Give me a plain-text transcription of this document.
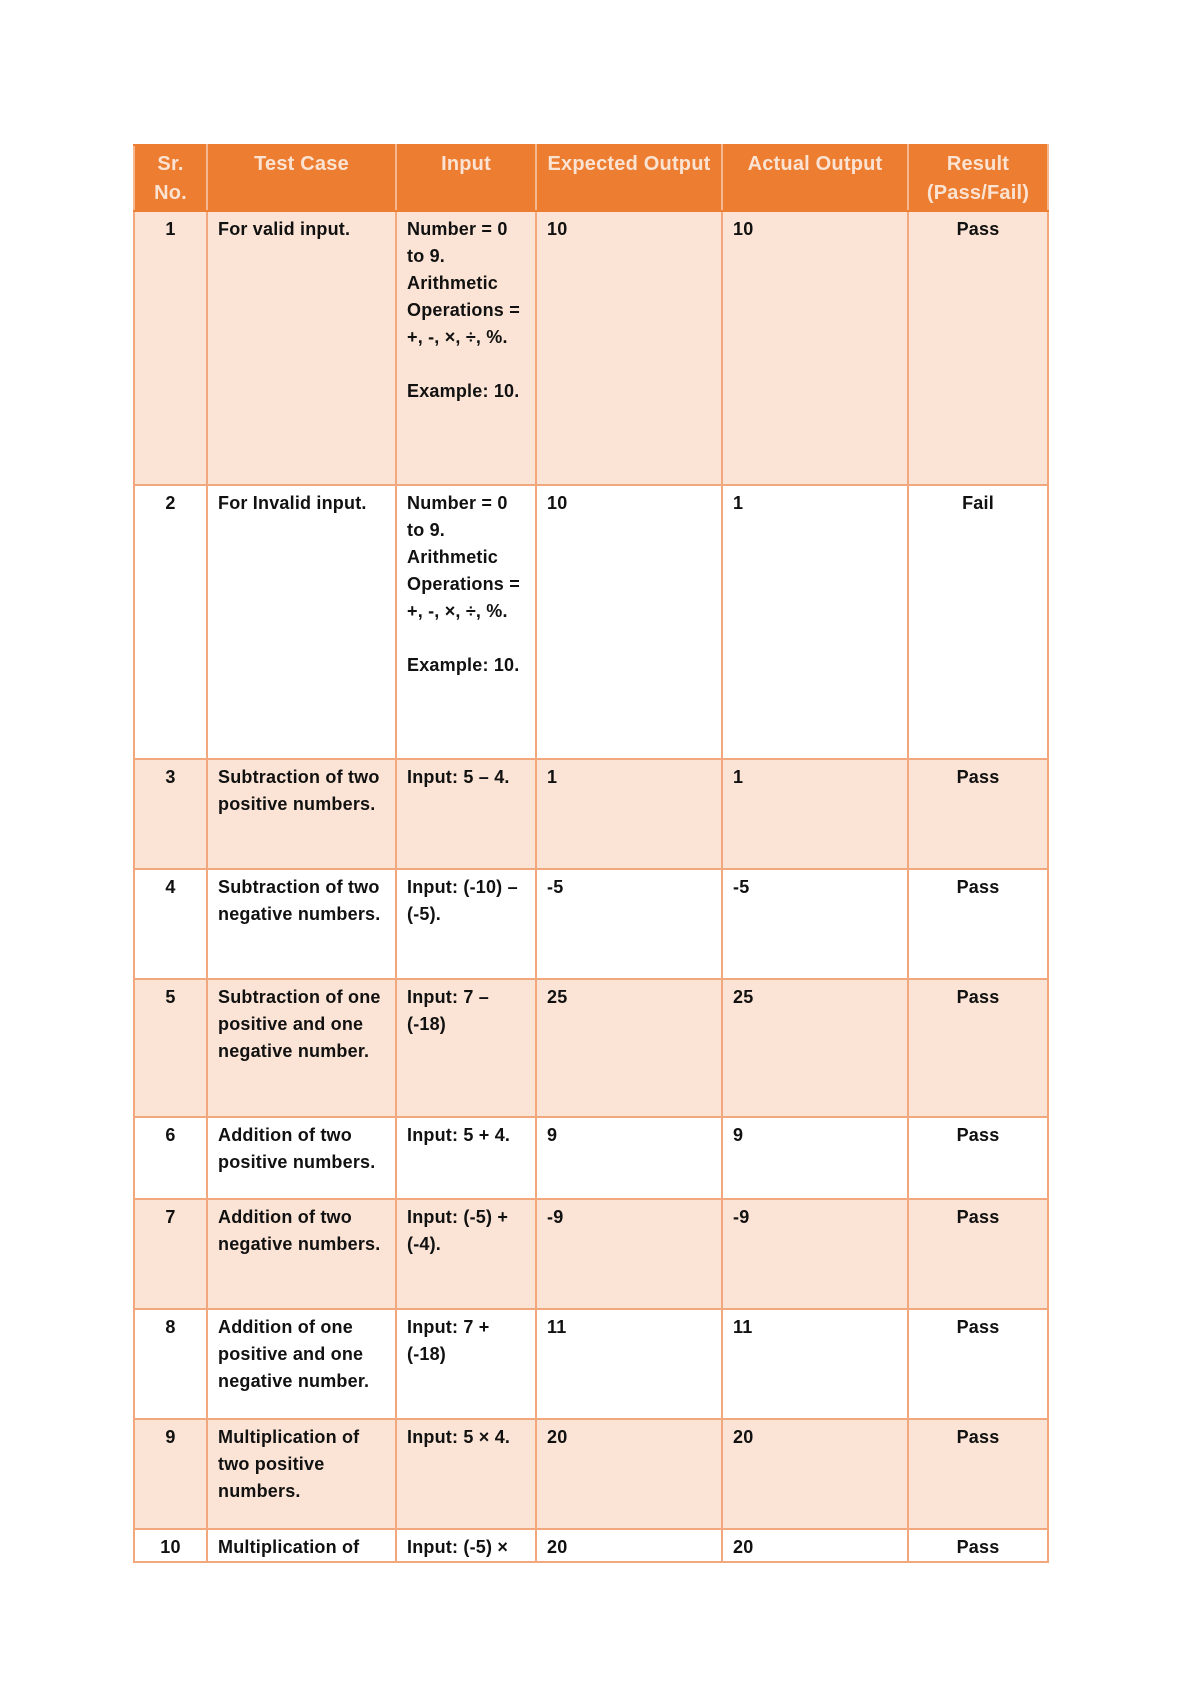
Sr. No.	Test Case	Input	Expected Output	Actual Output	Result (Pass/Fail)
1	For valid input.	Number = 0 to 9. Arithmetic Operations = +, -, ×, ÷, %.

Example: 10.	10	10	Pass
2	For Invalid input.	Number = 0 to 9. Arithmetic Operations = +, -, ×, ÷, %.

Example: 10.	10	1	Fail
3	Subtraction of two positive numbers.	Input: 5 – 4.	1	1	Pass
4	Subtraction of two negative numbers.	Input: (-10) – (-5).	-5	-5	Pass
5	Subtraction of one positive and one negative number.	Input: 7 – (-18)	25	25	Pass
6	Addition of two positive numbers.	Input: 5 + 4.	9	9	Pass
7	Addition of two negative numbers.	Input: (-5) + (-4).	-9	-9	Pass
8	Addition of one positive and one negative number.	Input: 7 + (-18)	11	11	Pass
9	Multiplication of two positive numbers.	Input: 5 × 4.	20	20	Pass
10	Multiplication of	Input: (-5) ×	20	20	Pass
